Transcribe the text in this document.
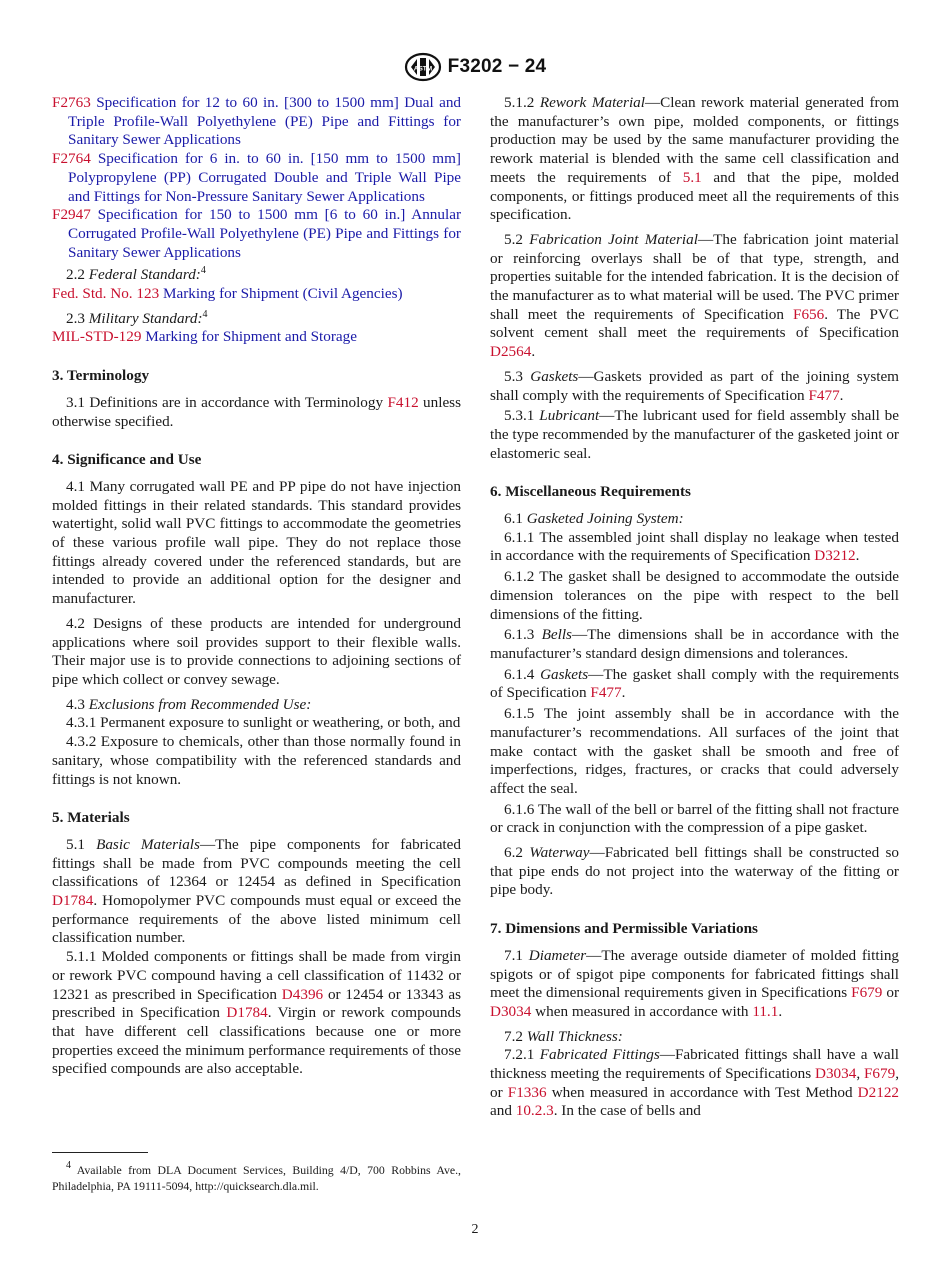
ASTM F3202 − 24
F2763 Specification for 12 to 60 in. [300 to 1500 mm] Dual and Triple Profile-Wall Polyethylene (PE) Pipe and Fittings for Sanitary Sewer Applications
F2764 Specification for 6 in. to 60 in. [150 mm to 1500 mm] Polypropylene (PP) Corrugated Double and Triple Wall Pipe and Fittings for Non-Pressure Sanitary Sewer Applications
F2947 Specification for 150 to 1500 mm [6 to 60 in.] Annular Corrugated Profile-Wall Polyethylene (PE) Pipe and Fittings for Sanitary Sewer Applications

2.2 Federal Standard:$^4$

Fed. Std. No. 123 Marking for Shipment (Civil Agencies)

2.3 Military Standard:$^4$

MIL-STD-129 Marking for Shipment and Storage

3. Terminology

3.1 Definitions are in accordance with Terminology F412 unless otherwise specified.

4. Significance and Use

4.1 Many corrugated wall PE and PP pipe do not have injection molded fittings in their related standards. This standard provides watertight, solid wall PVC fittings to accommodate the geometries of these various profile wall pipe. They do not replace those fittings already covered under the referenced standards, but are intended to provide an additional option for the designer and manufacturer.

4.2 Designs of these products are intended for underground applications where soil provides support to their flexible walls. Their major use is to provide connections to adjoining sections of pipe which collect or convey sewage.

4.3 Exclusions from Recommended Use:

4.3.1 Permanent exposure to sunlight or weathering, or both, and

4.3.2 Exposure to chemicals, other than those normally found in sanitary, whose compatibility with the referenced standards and fittings is not known.

5. Materials

5.1 Basic Materials—The pipe components for fabricated fittings shall be made from PVC compounds meeting the cell classifications of 12364 or 12454 as defined in Specification D1784. Homopolymer PVC compounds must equal or exceed the performance requirements of the above listed minimum cell classification number.

5.1.1 Molded components or fittings shall be made from virgin or rework PVC compound having a cell classification of 11432 or 12321 as prescribed in Specification D4396 or 12454 or 13343 as prescribed in Specification D1784. Virgin or rework compounds that have different cell classifications because one or more properties exceed the minimum performance requirements of those specified compounds are also acceptable.

5.1.2 Rework Material—Clean rework material generated from the manufacturer’s own pipe, molded components, or fittings production may be used by the same manufacturer providing the rework material is blended with the same cell classification and meets the requirements of 5.1 and that the pipe, molded components, or fittings produced meet all the requirements of this specification.

5.2 Fabrication Joint Material—The fabrication joint material or reinforcing overlays shall be of that type, strength, and properties suitable for the intended fabrication. It is the decision of the manufacturer as to what material will be used. The PVC primer shall meet the requirements of Specification F656. The PVC solvent cement shall meet the requirements of Specification D2564.

5.3 Gaskets—Gaskets provided as part of the joining system shall comply with the requirements of Specification F477.

5.3.1 Lubricant—The lubricant used for field assembly shall be the type recommended by the manufacturer of the gasketed joint or elastomeric seal.

6. Miscellaneous Requirements

6.1 Gasketed Joining System:

6.1.1 The assembled joint shall display no leakage when tested in accordance with the requirements of Specification D3212.

6.1.2 The gasket shall be designed to accommodate the outside dimension tolerances on the pipe with respect to the bell dimensions of the fitting.

6.1.3 Bells—The dimensions shall be in accordance with the manufacturer’s standard design dimensions and tolerances.

6.1.4 Gaskets—The gasket shall comply with the requirements of Specification F477.

6.1.5 The joint assembly shall be in accordance with the manufacturer’s recommendations. All surfaces of the joint that make contact with the gasket shall be smooth and free of imperfections, ridges, fractures, or cracks that could adversely affect the seal.

6.1.6 The wall of the bell or barrel of the fitting shall not fracture or crack in conjunction with the compression of a pipe gasket.

6.2 Waterway—Fabricated bell fittings shall be constructed so that pipe ends do not project into the waterway of the fitting or pipe body.

7. Dimensions and Permissible Variations

7.1 Diameter—The average outside diameter of molded fitting spigots or of spigot pipe components for fabricated fittings shall meet the dimensional requirements given in Specifications F679 or D3034 when measured in accordance with 11.1.

7.2 Wall Thickness:

7.2.1 Fabricated Fittings—Fabricated fittings shall have a wall thickness meeting the requirements of Specifications D3034, F679, or F1336 when measured in accordance with Test Method D2122 and 10.2.3. In the case of bells and

$^4$ Available from DLA Document Services, Building 4/D, 700 Robbins Ave., Philadelphia, PA 19111-5094, http://quicksearch.dla.mil.
2
